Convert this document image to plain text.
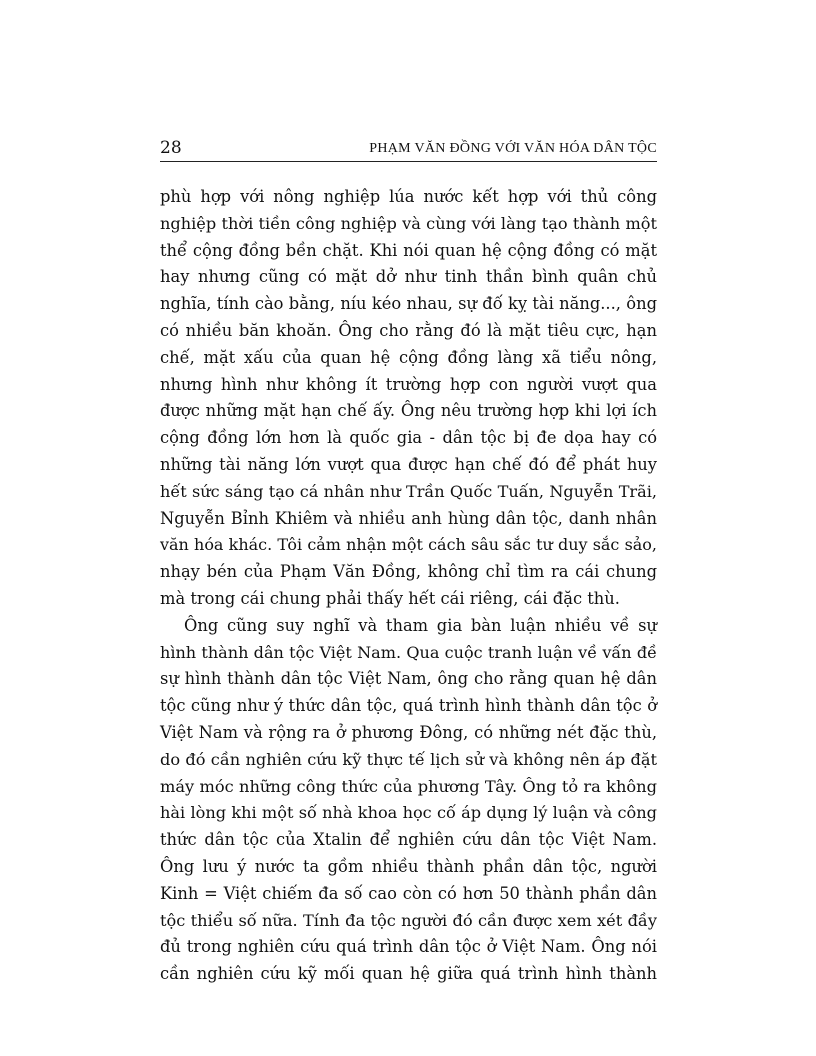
28	PHẠM VĂN ĐỒNG VỚI VĂN HÓA DÂN TỘC
phù hợp với nông nghiệp lúa nước kết hợp với thủ công
nghiệp thời tiền công nghiệp và cùng với làng tạo thành một
thể cộng đồng bền chặt. Khi nói quan hệ cộng đồng có mặt
hay nhưng cũng có mặt dở như tinh thần bình quân chủ
nghĩa, tính cào bằng, níu kéo nhau, sự đố kỵ tài năng..., ông
có nhiều băn khoăn. Ông cho rằng đó là mặt tiêu cực, hạn
chế, mặt xấu của quan hệ cộng đồng làng xã tiểu nông,
nhưng hình như không ít trường hợp con người vượt qua
được những mặt hạn chế ấy. Ông nêu trường hợp khi lợi ích
cộng đồng lớn hơn là quốc gia - dân tộc bị đe dọa hay có
những tài năng lớn vượt qua được hạn chế đó để phát huy
hết sức sáng tạo cá nhân như Trần Quốc Tuấn, Nguyễn Trãi,
Nguyễn Bỉnh Khiêm và nhiều anh hùng dân tộc, danh nhân
văn hóa khác. Tôi cảm nhận một cách sâu sắc tư duy sắc sảo,
nhạy bén của Phạm Văn Đồng, không chỉ tìm ra cái chung
mà trong cái chung phải thấy hết cái riêng, cái đặc thù.
Ông cũng suy nghĩ và tham gia bàn luận nhiều về sự
hình thành dân tộc Việt Nam. Qua cuộc tranh luận về vấn đề
sự hình thành dân tộc Việt Nam, ông cho rằng quan hệ dân
tộc cũng như ý thức dân tộc, quá trình hình thành dân tộc ở
Việt Nam và rộng ra ở phương Đông, có những nét đặc thù,
do đó cần nghiên cứu kỹ thực tế lịch sử và không nên áp đặt
máy móc những công thức của phương Tây. Ông tỏ ra không
hài lòng khi một số nhà khoa học cố áp dụng lý luận và công
thức dân tộc của Xtalin để nghiên cứu dân tộc Việt Nam.
Ông lưu ý nước ta gồm nhiều thành phần dân tộc, người
Kinh = Việt chiếm đa số cao còn có hơn 50 thành phần dân
tộc thiểu số nữa. Tính đa tộc người đó cần được xem xét đầy
đủ trong nghiên cứu quá trình dân tộc ở Việt Nam. Ông nói
cần nghiên cứu kỹ mối quan hệ giữa quá trình hình thành
